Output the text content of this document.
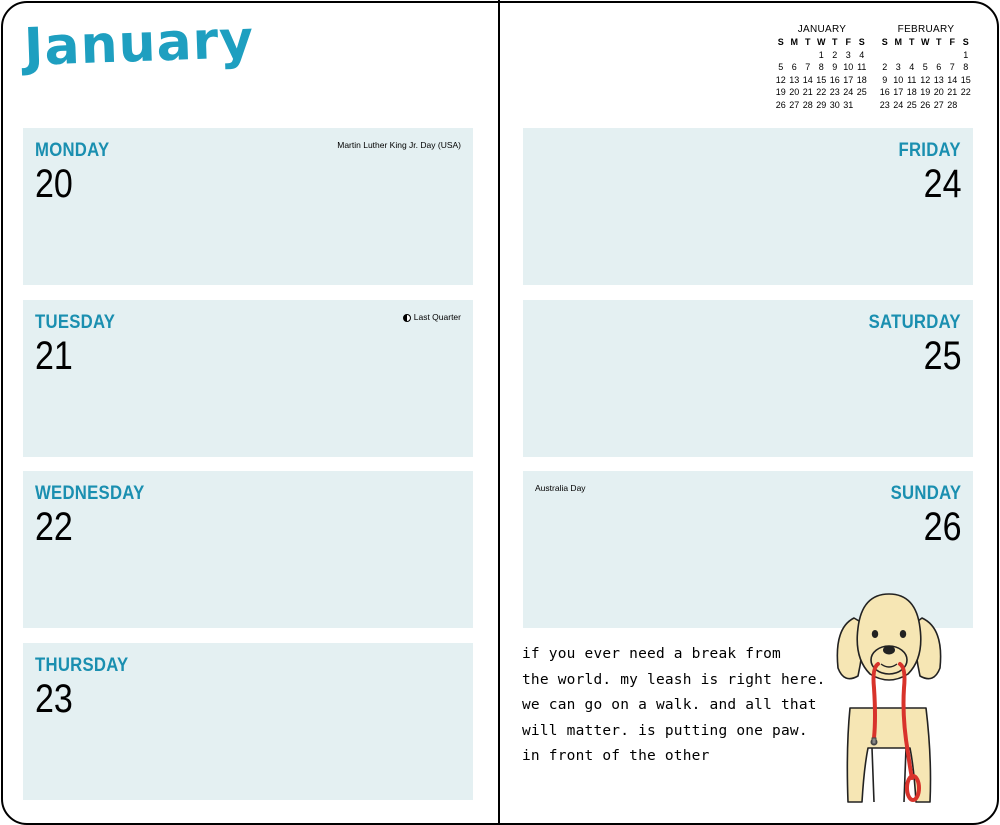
January	JANUARY
S M T W T F S
1 2 3 4
5 6 7 8 9 10 11
12 13 14 15 16 17 18
19 20 21 22 23 24 25
26 27 28 29 30 31
FEBRUARY
S M T W T F S
1
2 3 4 5 6 7 8
9 10 11 12 13 14 15
16 17 18 19 20 21 22
23 24 25 26 27 28
MONDAY
20
Martin Luther King Jr. Day (USA)
TUESDAY
21
Last Quarter
WEDNESDAY
22
THURSDAY
23
FRIDAY
24
SATURDAY
25
SUNDAY
26
Australia Day
if you ever need a break from
the world. my leash is right here.
we can go on a walk. and all that
will matter. is putting one paw.
in front of the other
